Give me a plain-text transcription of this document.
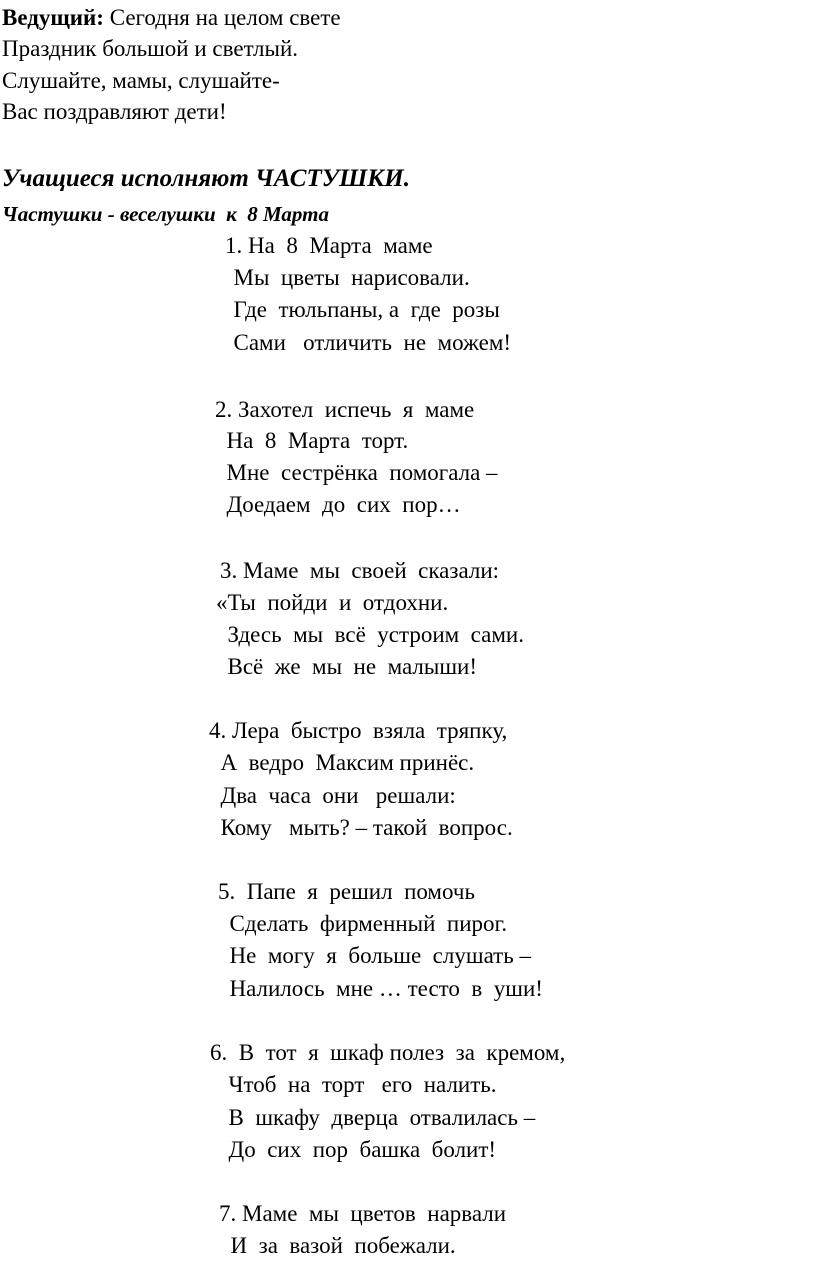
Ведущий: Сегодня на целом свете
Праздник большой и светлый.
Слушайте, мамы, слушайте-
Вас поздравляют дети!
Учащиеся исполняют ЧАСТУШКИ.
Частушки - веселушки  к  8 Марта
1. На  8  Марта  маме
Мы  цветы  нарисовали.
Где  тюльпаны, а  где  розы
Сами   отличить  не  можем!
2. Захотел  испечь  я  маме
На  8  Марта  торт.
Мне  сестрёнка  помогала –
Доедаем  до  сих  пор…
3. Маме  мы  своей  сказали:
«Ты  пойди  и  отдохни.
Здесь  мы  всё  устроим  сами.
Всё  же  мы  не  малыши!
4. Лера  быстро  взяла  тряпку,
А  ведро  Максим принёс.
Два  часа  они   решали:
Кому   мыть? – такой  вопрос.
5.  Папе  я  решил  помочь
Сделать  фирменный  пирог.
Не  могу  я  больше  слушать –
Налилось  мне … тесто  в  уши!
6.  В  тот  я  шкаф полез  за  кремом,
Чтоб  на  торт   его  налить.
В  шкафу  дверца  отвалилась –
До  сих  пор  башка  болит!
7. Маме  мы  цветов  нарвали
И  за  вазой  побежали.
